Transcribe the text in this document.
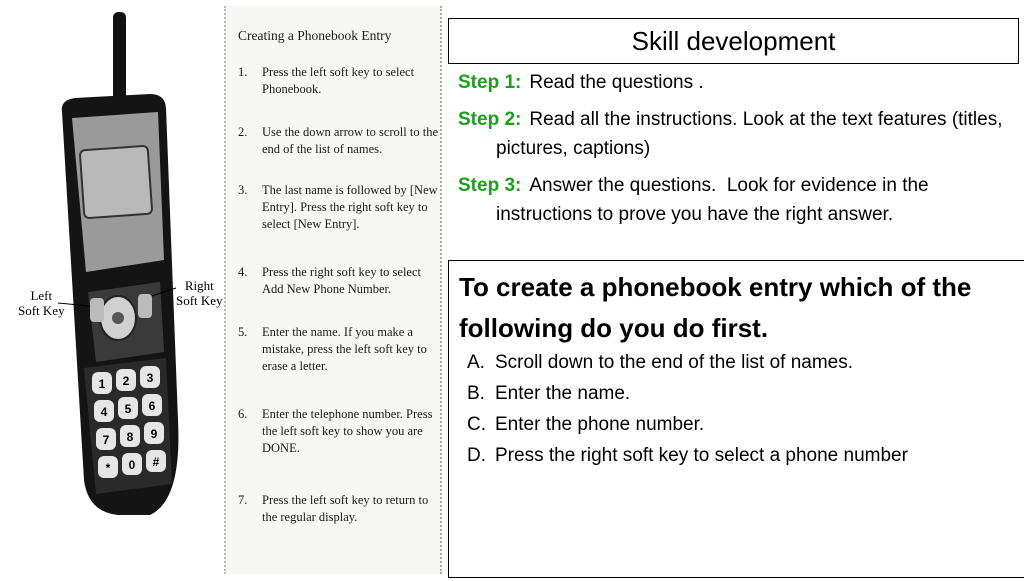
1 2 3
4 5 6
7 8 9
* 0 #
Left
Soft Key
Right
Soft Key
Creating a Phonebook Entry
1.	Press the left soft key to select Phonebook.
2.	Use the down arrow to scroll to the end of the list of names.
3.	The last name is followed by [New Entry]. Press the right soft key to select [New Entry].
4.	Press the right soft key to select Add New Phone Number.
5.	Enter the name. If you make a mistake, press the left soft key to erase a letter.
6.	Enter the telephone number. Press the left soft key to show you are DONE.
7.	Press the left soft key to return to the regular display.
Skill development
Step 1: Read the questions .
Step 2: Read all the instructions. Look at the text features (titles, pictures, captions)
Step 3: Answer the questions.  Look for evidence in the     instructions to prove you have the right answer.
To create a phonebook entry which of the following do you do first.
A. Scroll down to the end of the list of names.
B. Enter the name.
C. Enter the phone number.
D. Press the right soft key to select a phone number
